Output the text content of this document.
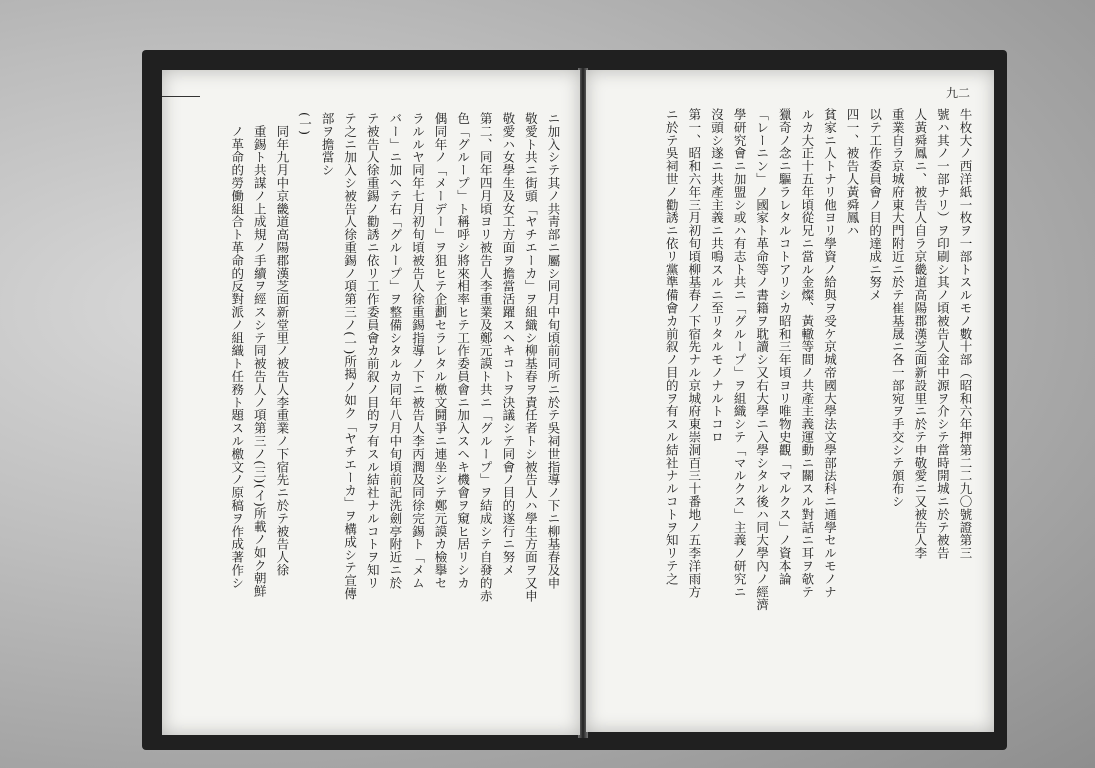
ニ加入シテ其ノ共靑部ニ屬シ同月中旬頃前同所ニ於テ吳祠世指導ノ下ニ柳基春及申
敬愛ト共ニ街頭「ヤチエーカ」ヲ組織シ柳基春ヲ責任者トシ被告人ハ學生方面ヲ又申
敬愛ハ女學生及女工方面ヲ擔當活躍スヘキコトヲ決議シテ同會ノ目的遂行ニ努メ
第二、同年四月頃ヨリ被告人李重業及鄭元謨ト共ニ「グループ」ヲ結成シテ自發的赤
色「グループ」ト稱呼シ將來相率ヒテ工作委員會ニ加入スヘキ機會ヲ窺ヒ居リシカ
偶同年ノ「メーデー」ヲ狙ヒテ企劃セラレタル檄文鬪爭ニ連坐シテ鄭元謨カ檢擧セ
ラルルヤ同年七月初旬頃被告人徐重錫指導ノ下ニ被告人李丙潤及同徐完錫ト「メム
バー」ニ加ヘテ右「グループ」ヲ整備シタルカ同年八月中旬頃前記洗劍亭附近ニ於
テ被告人徐重錫ノ勸誘ニ依リ工作委員會カ前叙ノ目的ヲ有スル結社ナルコトヲ知リ
テ之ニ加入シ被告人徐重錫ノ項第三ノ(一)所揭ノ如ク「ヤチエーカ」ヲ構成シテ宣傳
部ヲ擔當シ
(一)
　同年九月中京畿道高陽郡漢芝面新堂里ノ被告人李重業ノ下宿先ニ於テ被告人徐
　重錫ト共謀ノ上成規ノ手續ヲ經スシテ同被告人ノ項第三ノ(三)(イ)所載ノ如ク朝鮮
　ノ革命的勞働組合ト革命的反對派ノ組織ト任務ト題スル檄文ノ原稿ヲ作成著作シ
九二
牛枚大ノ西洋紙一枚ヲ一部トスルモノ數十部（昭和六年押第二二九〇號證第三
號ハ其ノ一部ナリ）ヲ印刷シ其ノ頃被告人金中源ヲ介シテ當時開城ニ於テ被告
人黃舜鳳ニ、被告人自ラ京畿道高陽郡漢芝面新設里ニ於テ申敬愛ニ又被告人李
重業自ラ京城府東大門附近ニ於テ崔基晟ニ各一部宛ヲ手交シテ頒布シ
以テ工作委員會ノ目的達成ニ努メ
四一、被告人黃舜鳳ハ
貧家ニ人トナリ他ヨリ學資ノ給與ヲ受ケ京城帝國大學法文學部法科ニ通學セルモノナ
ルカ大正十五年頃從兄ニ當ル金燦、黃轍等間ノ共產主義運動ニ關スル對話ニ耳ヲ欹テ
獵奇ノ念ニ驅ラレタルコトアリシカ昭和三年頃ヨリ唯物史觀「マルクス」ノ資本論
「レーニン」ノ國家ト革命等ノ書籍ヲ耽讀シ又右大學ニ入學シタル後ハ同大學內ノ經濟
學研究會ニ加盟シ或ハ有志ト共ニ「グループ」ヲ組織シテ「マルクス」主義ノ研究ニ
沒頭シ遂ニ共產主義ニ共鳴スルニ至リタルモノナルトコロ
第一、昭和六年三月初旬頃柳基春ノ下宿先ナル京城府東崇洞百三十番地ノ五李洋雨方
ニ於テ吳祠世ノ勸誘ニ依リ黨準備會カ前叙ノ目的ヲ有スル結社ナルコトヲ知リテ之
